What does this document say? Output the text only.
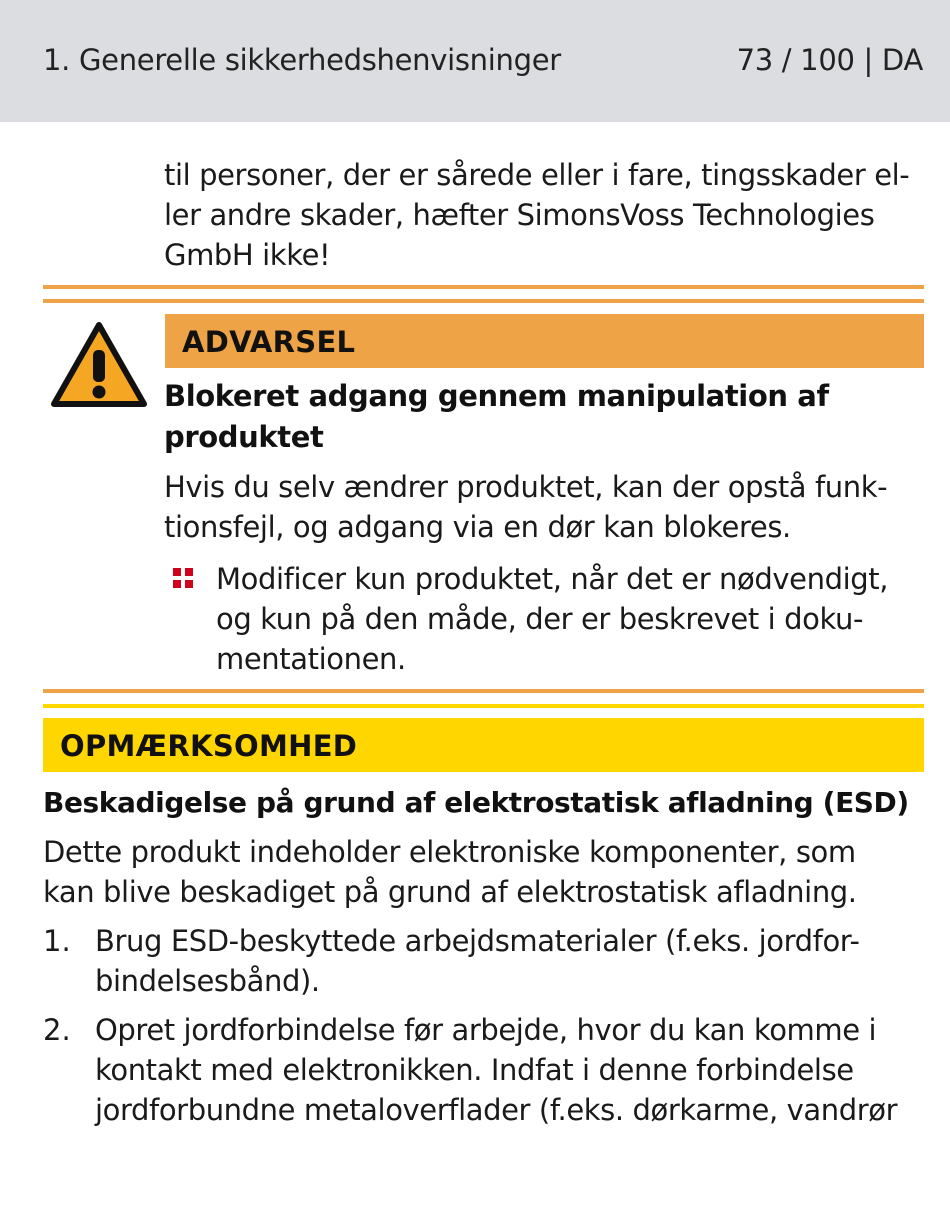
1. Generelle sikkerhedshenvisninger	73 / 100 | DA
til personer, der er sårede eller i fare, tingsskader el-
ler andre skader, hæfter SimonsVoss Technologies
GmbH ikke!
ADVARSEL
Blokeret adgang gennem manipulation af
produktet
Hvis du selv ændrer produktet, kan der opstå funk-
tionsfejl, og adgang via en dør kan blokeres.
Modificer kun produktet, når det er nødvendigt,
og kun på den måde, der er beskrevet i doku-
mentationen.
OPMÆRKSOMHED
Beskadigelse på grund af elektrostatisk afladning (ESD)
Dette produkt indeholder elektroniske komponenter, som
kan blive beskadiget på grund af elektrostatisk afladning.
1. Brug ESD-beskyttede arbejdsmaterialer (f.eks. jordfor-
bindelsesbånd).
2. Opret jordforbindelse før arbejde, hvor du kan komme i
kontakt med elektronikken. Indfat i denne forbindelse
jordforbundne metaloverflader (f.eks. dørkarme, vandrør
